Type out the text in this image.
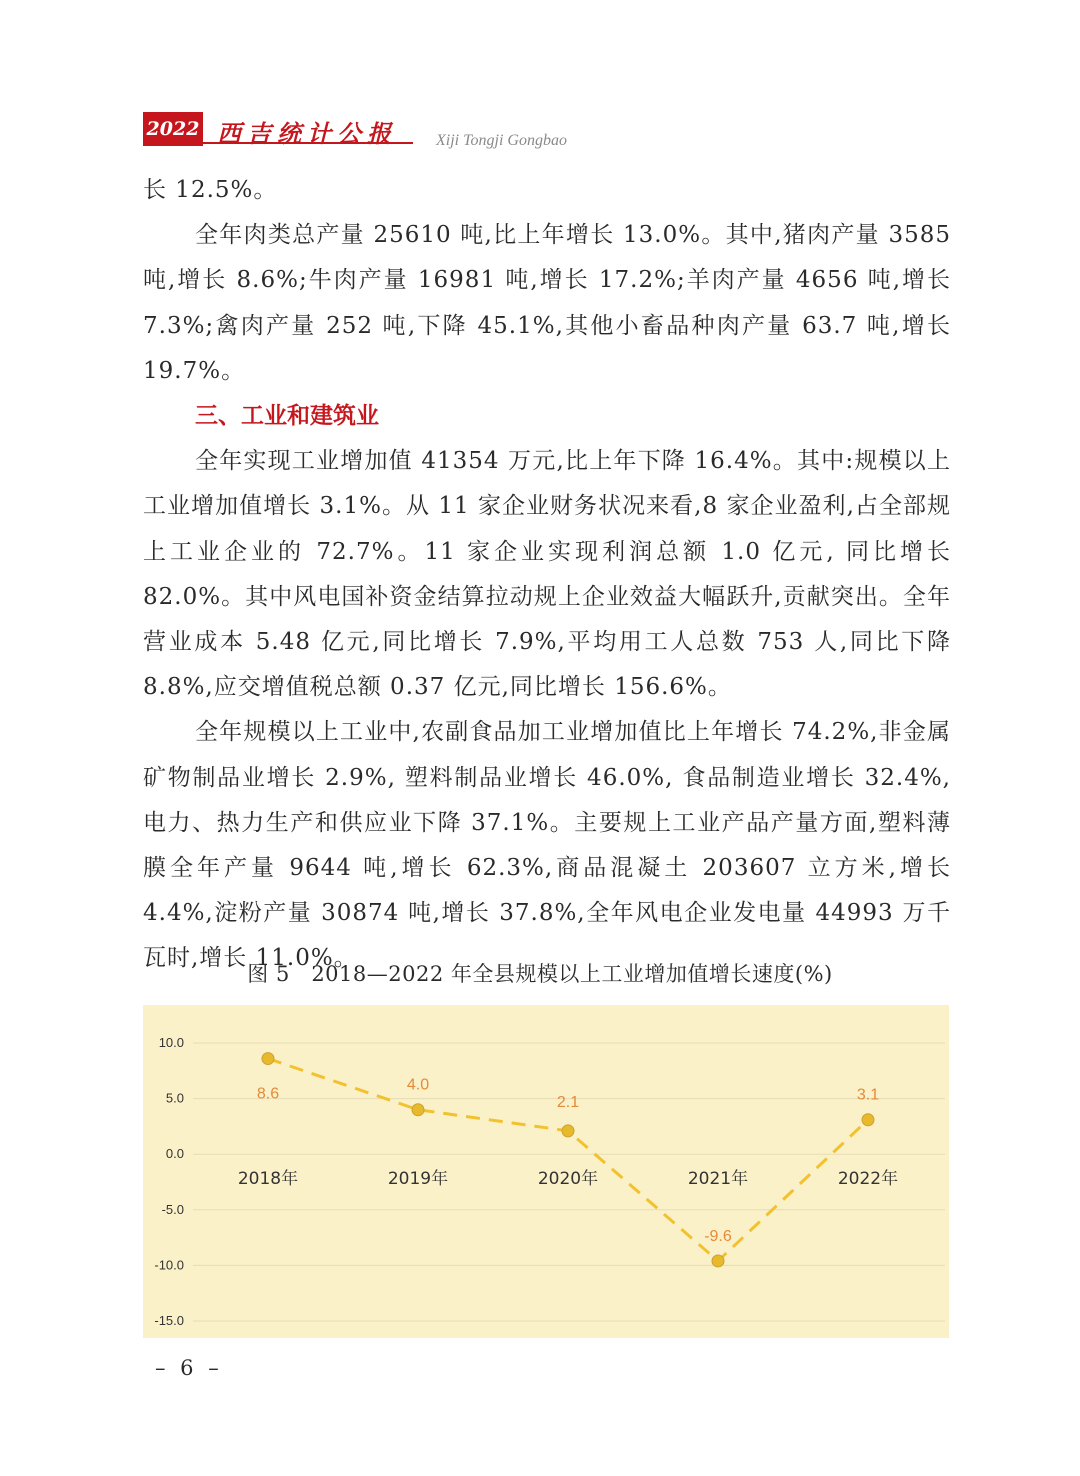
2022 西吉统计公报 Xiji Tongji Gongbao

长 12.5%。

全年肉类总产量 25610 吨,比上年增长 13.0%。其中,猪肉产量 3585 吨,增长 8.6%;牛肉产量 16981 吨,增长 17.2%;羊肉产量 4656 吨,增长 7.3%;禽肉产量 252 吨,下降 45.1%,其他小畜品种肉产量 63.7 吨,增长 19.7%。

三、工业和建筑业

全年实现工业增加值 41354 万元,比上年下降 16.4%。其中:规模以上工业增加值增长 3.1%。从 11 家企业财务状况来看,8 家企业盈利,占全部规上工业企业的 72.7%。11 家企业实现利润总额 1.0 亿元, 同比增长 82.0%。其中风电国补资金结算拉动规上企业效益大幅跃升,贡献突出。全年营业成本 5.48 亿元,同比增长 7.9%,平均用工人总数 753 人,同比下降 8.8%,应交增值税总额 0.37 亿元,同比增长 156.6%。

全年规模以上工业中,农副食品加工业增加值比上年增长 74.2%,非金属矿物制品业增长 2.9%, 塑料制品业增长 46.0%, 食品制造业增长 32.4%,电力、热力生产和供应业下降 37.1%。主要规上工业产品产量方面,塑料薄膜全年产量 9644 吨,增长 62.3%,商品混凝土 203607 立方米,增长 4.4%,淀粉产量 30874 吨,增长 37.8%,全年风电企业发电量 44993 万千瓦时,增长 11.0%。

图 5　2018—2022 年全县规模以上工业增加值增长速度(%)
10.0
5.0
0.0
-5.0
-10.0
-15.0
2018年	2019年	2020年	2021年	2022年
8.6
4.0
2.1
-9.6
3.1
– 6 –
